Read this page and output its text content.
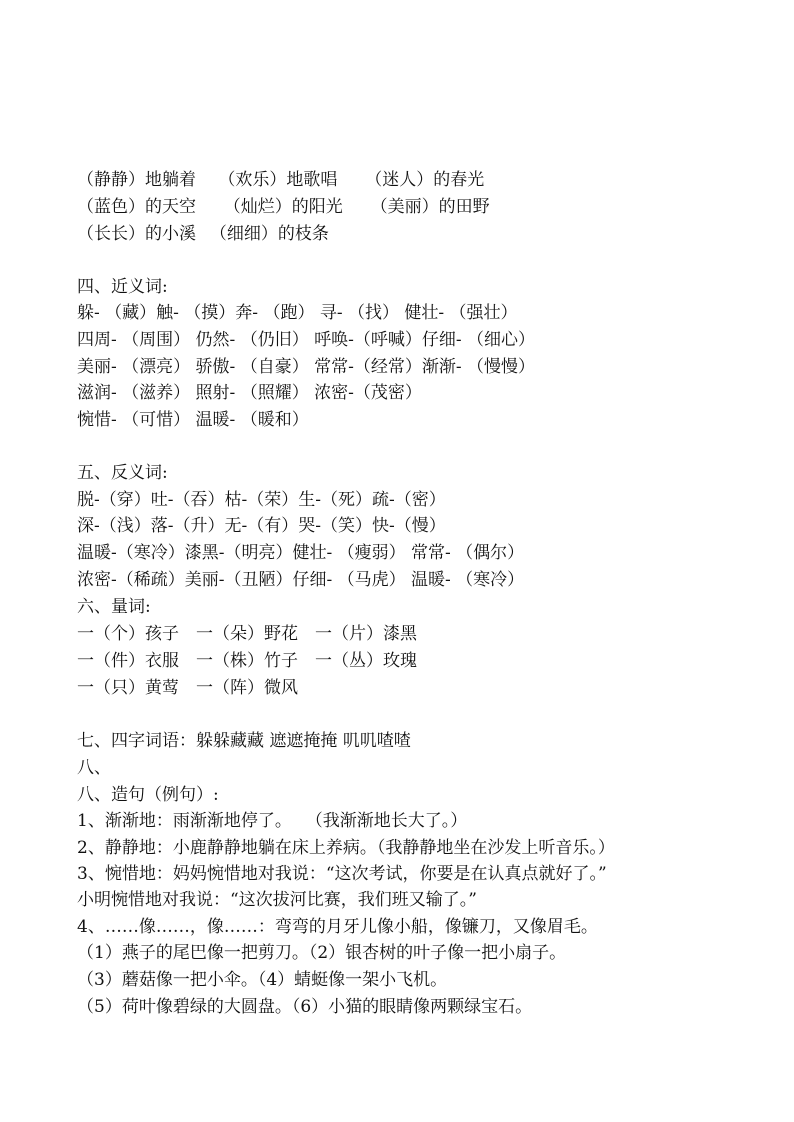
（静静）地躺着　 （欢乐）地歌唱 　 （迷人）的春光
（蓝色）的天空 　 （灿烂）的阳光 　 （美丽）的田野
（长长）的小溪 　（细细）的枝条
四、近义词:
躲- （藏）触- （摸）奔- （跑） 寻- （找） 健壮- （强壮）
四周- （周围） 仍然- （仍旧） 呼唤-（呼喊）仔细- （细心）
美丽- （漂亮） 骄傲- （自豪） 常常-（经常）渐渐- （慢慢）
滋润- （滋养） 照射- （照耀） 浓密-（茂密）
惋惜- （可惜） 温暖- （暖和）
五、反义词:
脱-（穿）吐-（吞）枯-（荣）生-（死）疏-（密）
深-（浅）落-（升）无-（有）哭-（笑）快-（慢）
温暖-（寒冷）漆黑-（明亮）健壮- （瘦弱） 常常- （偶尔）
浓密-（稀疏）美丽-（丑陋）仔细- （马虎） 温暖- （寒冷）
六、量词:
一（个）孩子　一（朵）野花　一（片）漆黑
一（件）衣服　一（株）竹子　一（丛）玫瑰
一（只）黄莺　一（阵）微风
七、四字词语：躲躲藏藏 遮遮掩掩 叽叽喳喳
八、
八、造句（例句）:
1、渐渐地：雨渐渐地停了。　 （我渐渐地长大了。）
2、静静地：小鹿静静地躺在床上养病。（我静静地坐在沙发上听音乐。）
3、惋惜地：妈妈惋惜地对我说：“这次考试，你要是在认真点就好了。”
小明惋惜地对我说：“这次拔河比赛，我们班又输了。”
4、……像……，像……：弯弯的月牙儿像小船，像镰刀，又像眉毛。
（1）燕子的尾巴像一把剪刀。（2）银杏树的叶子像一把小扇子。
（3）蘑菇像一把小伞。（4）蜻蜓像一架小飞机。
（5）荷叶像碧绿的大圆盘。（6）小猫的眼睛像两颗绿宝石。
